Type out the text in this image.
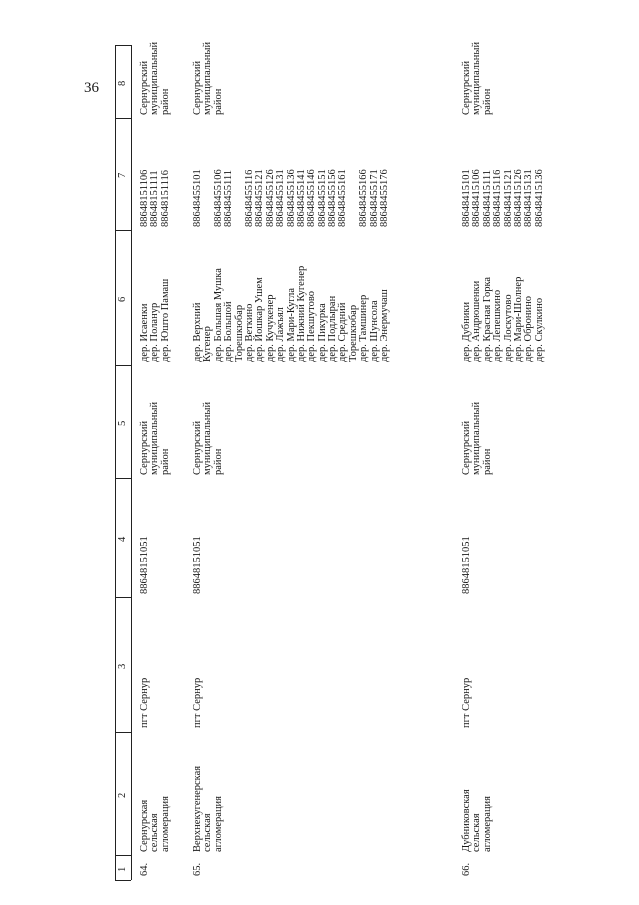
36
1
2
3
4
5
6
7
8
64.
Сернурская сельская агломерация
пгт Сернур
88648151051
Сернурский муниципальный район
дер. Исаенки дер. Поланур дер. Юшто Памаш
88648151106 88648151111 88648151116
Сернурский муниципальный район
65.
Верхнекугенерская сельская агломерация
пгт Сернур
88648151051
Сернурский муниципальный район
дер. Верхний Кугенер дер. Большая Мушка дер. Большой Торешкюбар дер. Веткино дер. Йошкар Ушем дер. Кучукенер дер. Лажъял дер. Мари-Кугла дер. Нижний Кугенер дер. Пекшутово дер. Пикурка дер. Подлыран дер. Средний Торешкюбар дер. Тамшинер дер. Шунсола дер. Энермучаш
88648455101 88648455106 88648455111 88648455116 88648455121 88648455126 88648455131 88648455136 88648455141 88648455146 88648455151 88648455156 88648455161 88648455166 88648455171 88648455176
Сернурский муниципальный район
66.
Дубниковская сельская агломерация
пгт Сернур
88648151051
Сернурский муниципальный район
дер. Дубники дер. Андрюшенки дер. Красная Горка дер. Лепешкино дер. Лоскутово дер. Мари-Шолнер дер. Обронино дер. Скулкино
88648415101 88648415106 88648415111 88648415116 88648415121 88648415126 88648415131 88648415136
Сернурский муниципальный район
